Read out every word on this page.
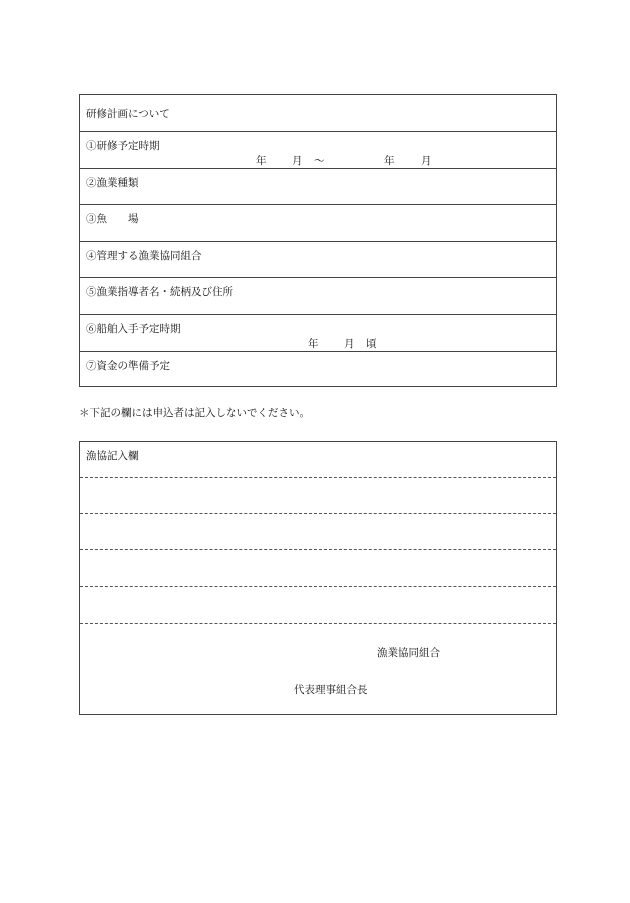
研修計画について
①研修予定時期
年 月 ～	年	月
②漁業種類
③魚　　場
④管理する漁業協同組合
⑤漁業指導者名・続柄及び住所
⑥船舶入手予定時期
年 月 頃
⑦資金の準備予定
＊下記の欄には申込者は記入しないでください。
漁協記入欄
漁業協同組合
代表理事組合長
